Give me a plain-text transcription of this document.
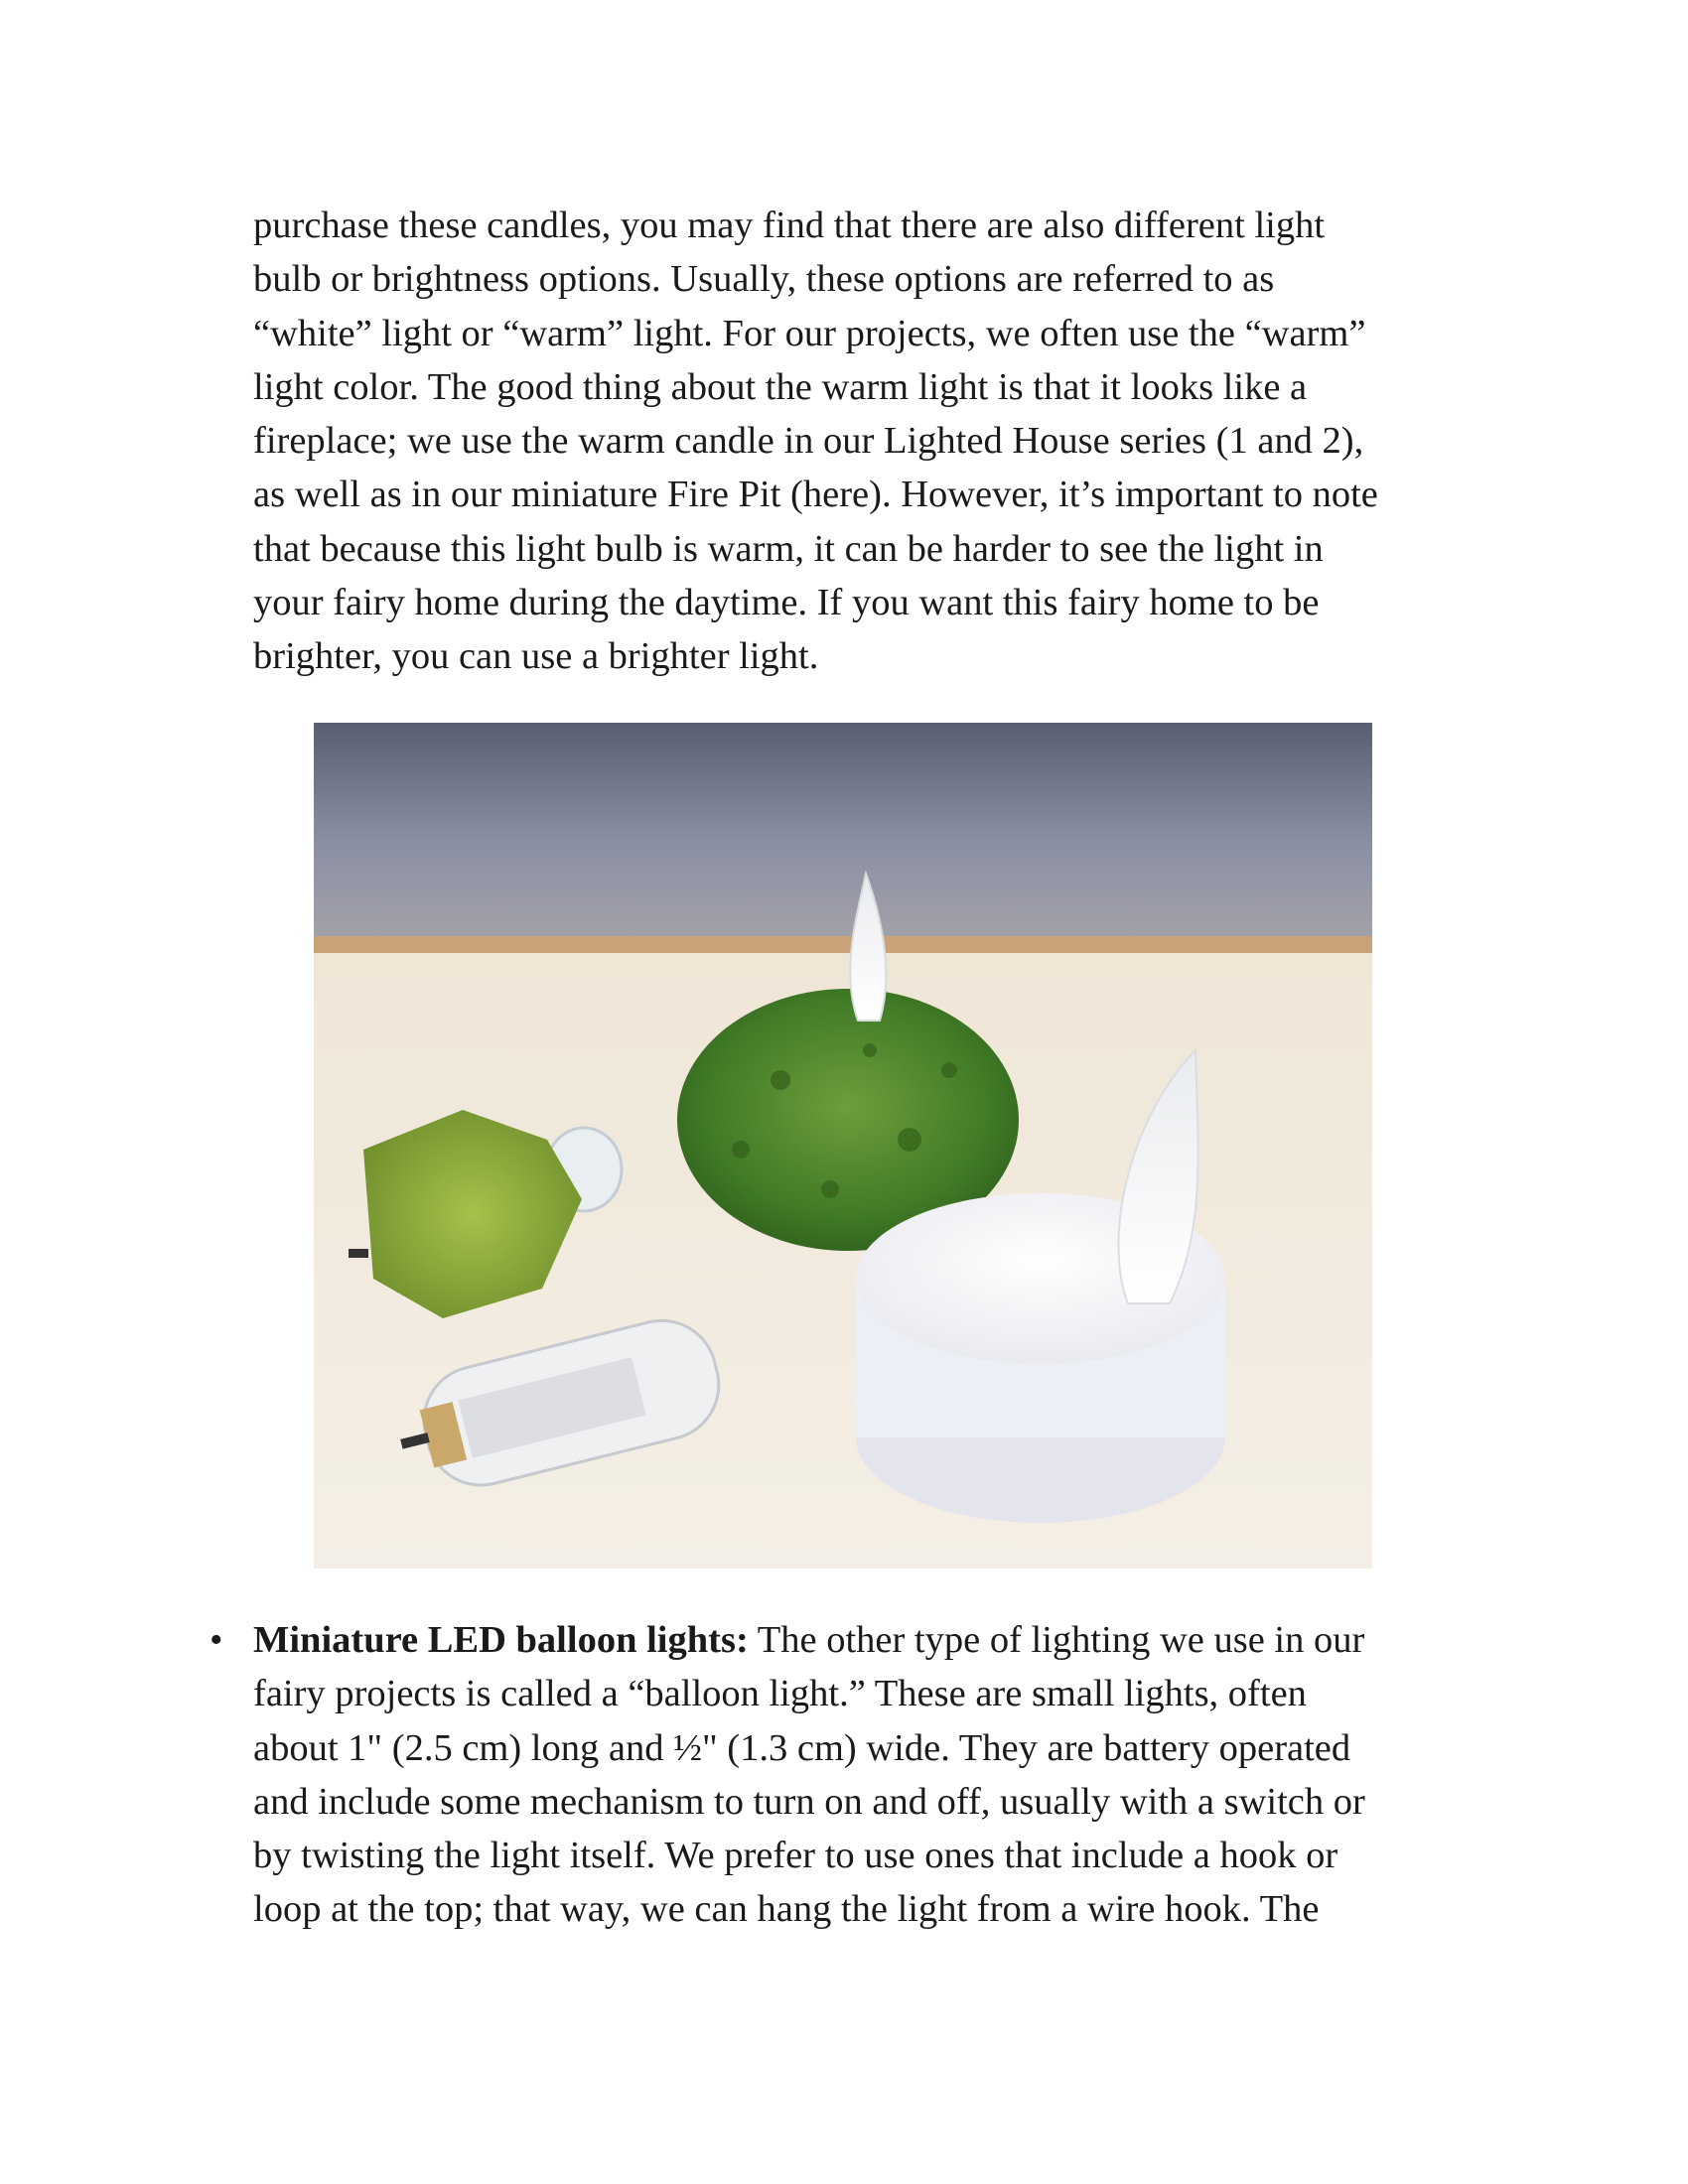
purchase these candles, you may find that there are also different light
bulb or brightness options. Usually, these options are referred to as
“white” light or “warm” light. For our projects, we often use the “warm”
light color. The good thing about the warm light is that it looks like a
fireplace; we use the warm candle in our Lighted House series (1 and 2),
as well as in our miniature Fire Pit (here). However, it’s important to note
that because this light bulb is warm, it can be harder to see the light in
your fairy home during the daytime. If you want this fairy home to be
brighter, you can use a brighter light.
• Miniature LED balloon lights: The other type of lighting we use in our
fairy projects is called a “balloon light.” These are small lights, often
about 1" (2.5 cm) long and ½" (1.3 cm) wide. They are battery operated
and include some mechanism to turn on and off, usually with a switch or
by twisting the light itself. We prefer to use ones that include a hook or
loop at the top; that way, we can hang the light from a wire hook. The
